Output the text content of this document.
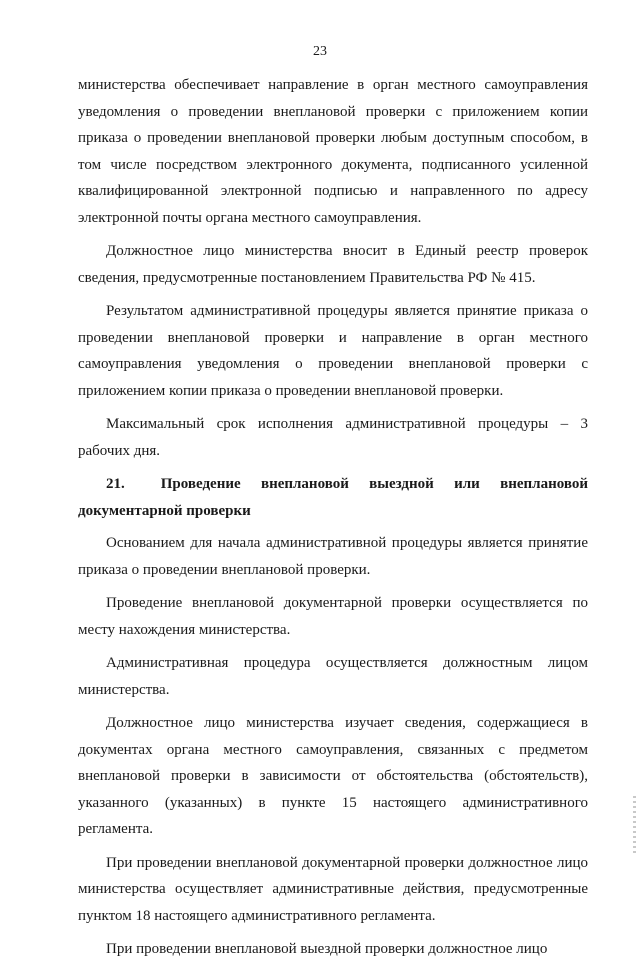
23

министерства обеспечивает направление в орган местного самоуправления уведомления о проведении внеплановой проверки с приложением копии приказа о проведении внеплановой проверки любым доступным способом, в том числе посредством электронного документа, подписанного усиленной квалифицированной электронной подписью и направленного по адресу электронной почты органа местного самоуправления.

Должностное лицо министерства вносит в Единый реестр проверок сведения, предусмотренные постановлением Правительства РФ № 415.

Результатом административной процедуры является принятие приказа о проведении внеплановой проверки и направление в орган местного самоуправления уведомления о проведении внеплановой проверки с приложением копии приказа о проведении внеплановой проверки.

Максимальный срок исполнения административной процедуры – 3 рабочих дня.

21. Проведение внеплановой выездной или внеплановой документарной проверки

Основанием для начала административной процедуры является принятие приказа о проведении внеплановой проверки.

Проведение внеплановой документарной проверки осуществляется по месту нахождения министерства.

Административная процедура осуществляется должностным лицом министерства.

Должностное лицо министерства изучает сведения, содержащиеся в документах органа местного самоуправления, связанных с предметом внеплановой проверки в зависимости от обстоятельства (обстоятельств), указанного (указанных) в пункте 15 настоящего административного регламента.

При проведении внеплановой документарной проверки должностное лицо министерства осуществляет административные действия, предусмотренные пунктом 18 настоящего административного регламента.

При проведении внеплановой выездной проверки должностное лицо
